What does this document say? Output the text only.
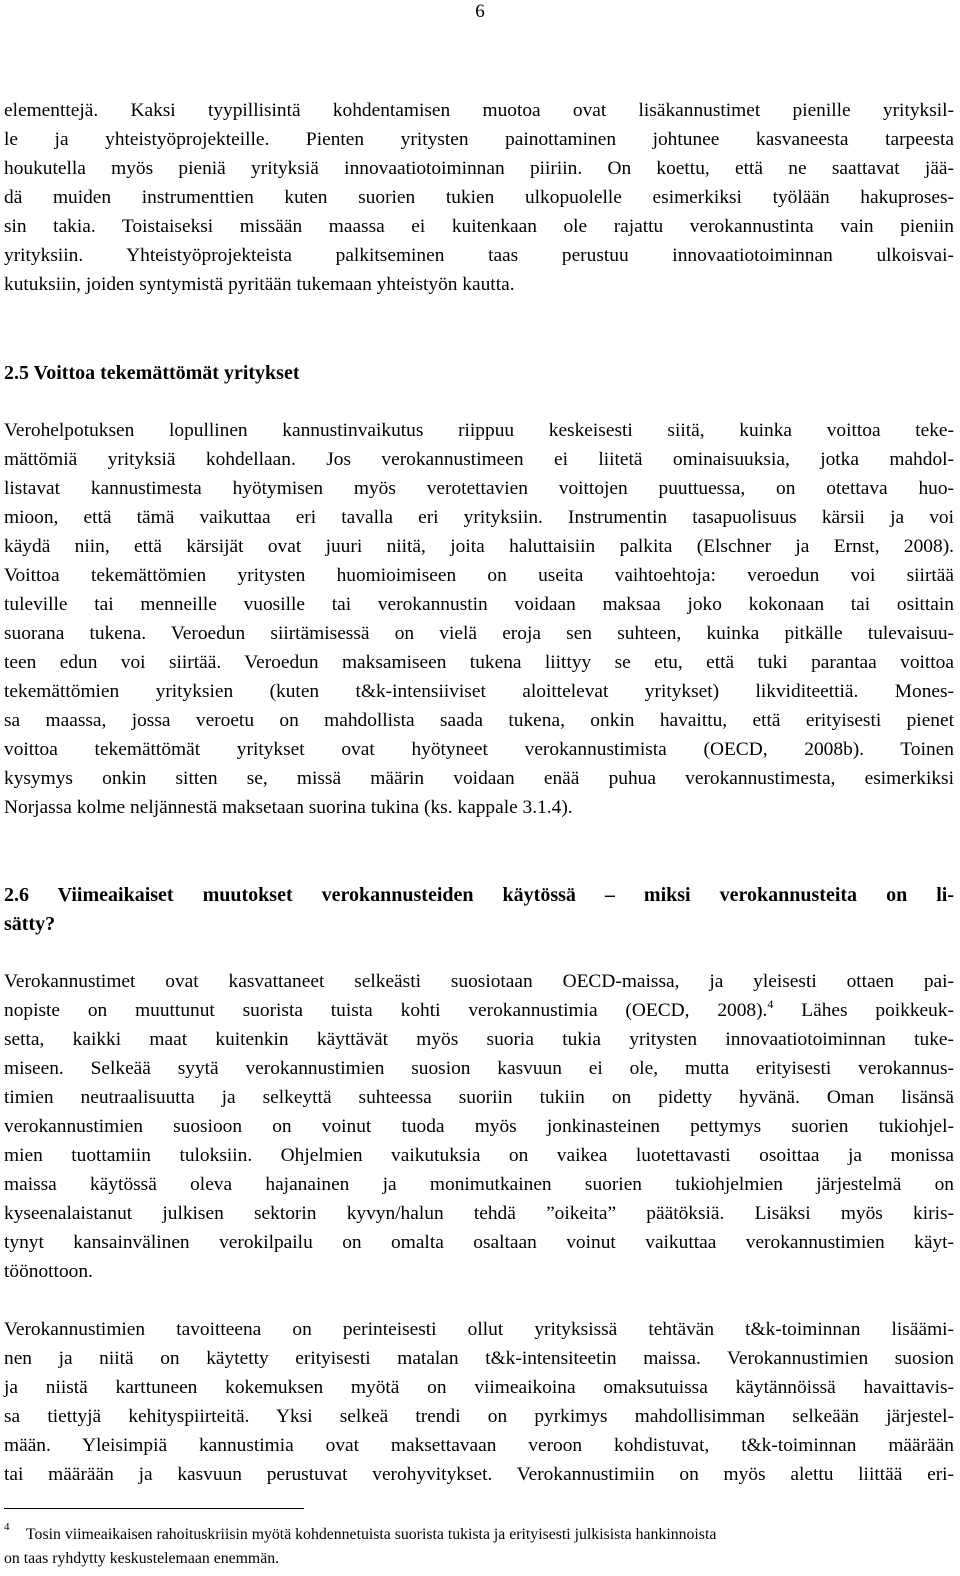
6
elementtejä. Kaksi tyypillisintä kohdentamisen muotoa ovat lisäkannustimet pienille yrityksil-
le ja yhteistyöprojekteille. Pienten yritysten painottaminen johtunee kasvaneesta tarpeesta
houkutella myös pieniä yrityksiä innovaatiotoiminnan piiriin. On koettu, että ne saattavat jää-
dä muiden instrumenttien kuten suorien tukien ulkopuolelle esimerkiksi työlään hakuproses-
sin takia. Toistaiseksi missään maassa ei kuitenkaan ole rajattu verokannustinta vain pieniin
yrityksiin. Yhteistyöprojekteista palkitseminen taas perustuu innovaatiotoiminnan ulkoisvai-
kutuksiin, joiden syntymistä pyritään tukemaan yhteistyön kautta.
2.5 Voittoa tekemättömät yritykset
Verohelpotuksen lopullinen kannustinvaikutus riippuu keskeisesti siitä, kuinka voittoa teke-
mättömiä yrityksiä kohdellaan. Jos verokannustimeen ei liitetä ominaisuuksia, jotka mahdol-
listavat kannustimesta hyötymisen myös verotettavien voittojen puuttuessa, on otettava huo-
mioon, että tämä vaikuttaa eri tavalla eri yrityksiin. Instrumentin tasapuolisuus kärsii ja voi
käydä niin, että kärsijät ovat juuri niitä, joita haluttaisiin palkita (Elschner ja Ernst, 2008).
Voittoa tekemättömien yritysten huomioimiseen on useita vaihtoehtoja: veroedun voi siirtää
tuleville tai menneille vuosille tai verokannustin voidaan maksaa joko kokonaan tai osittain
suorana tukena. Veroedun siirtämisessä on vielä eroja sen suhteen, kuinka pitkälle tulevaisuu-
teen edun voi siirtää. Veroedun maksamiseen tukena liittyy se etu, että tuki parantaa voittoa
tekemättömien yrityksien (kuten t&k-intensiiviset aloittelevat yritykset) likviditeettiä. Mones-
sa maassa, jossa veroetu on mahdollista saada tukena, onkin havaittu, että erityisesti pienet
voittoa tekemättömät yritykset ovat hyötyneet verokannustimista (OECD, 2008b). Toinen
kysymys onkin sitten se, missä määrin voidaan enää puhua verokannustimesta, esimerkiksi
Norjassa kolme neljännestä maksetaan suorina tukina (ks. kappale 3.1.4).
2.6 Viimeaikaiset muutokset verokannusteiden käytössä – miksi verokannusteita on li-
sätty?
Verokannustimet ovat kasvattaneet selkeästi suosiotaan OECD-maissa, ja yleisesti ottaen pai-
nopiste on muuttunut suorista tuista kohti verokannustimia (OECD, 2008).$^4$ Lähes poikkeuk-
setta, kaikki maat kuitenkin käyttävät myös suoria tukia yritysten innovaatiotoiminnan tuke-
miseen. Selkeää syytä verokannustimien suosion kasvuun ei ole, mutta erityisesti verokannus-
timien neutraalisuutta ja selkeyttä suhteessa suoriin tukiin on pidetty hyvänä. Oman lisänsä
verokannustimien suosioon on voinut tuoda myös jonkinasteinen pettymys suorien tukiohjel-
mien tuottamiin tuloksiin. Ohjelmien vaikutuksia on vaikea luotettavasti osoittaa ja monissa
maissa käytössä oleva hajanainen ja monimutkainen suorien tukiohjelmien järjestelmä on
kyseenalaistanut julkisen sektorin kyvyn/halun tehdä ”oikeita” päätöksiä. Lisäksi myös kiris-
tynyt kansainvälinen verokilpailu on omalta osaltaan voinut vaikuttaa verokannustimien käyt-
töönottoon.
Verokannustimien tavoitteena on perinteisesti ollut yrityksissä tehtävän t&k-toiminnan lisäämi-
nen ja niitä on käytetty erityisesti matalan t&k-intensiteetin maissa. Verokannustimien suosion
ja niistä karttuneen kokemuksen myötä on viimeaikoina omaksutuissa käytännöissä havaittavis-
sa tiettyjä kehityspiirteitä. Yksi selkeä trendi on pyrkimys mahdollisimman selkeään järjestel-
mään. Yleisimpiä kannustimia ovat maksettavaan veroon kohdistuvat, t&k-toiminnan määrään
tai määrään ja kasvuun perustuvat verohyvitykset. Verokannustimiin on myös alettu liittää eri-
4 Tosin viimeaikaisen rahoituskriisin myötä kohdennetuista suorista tukista ja erityisesti julkisista hankinnoista
on taas ryhdytty keskustelemaan enemmän.
